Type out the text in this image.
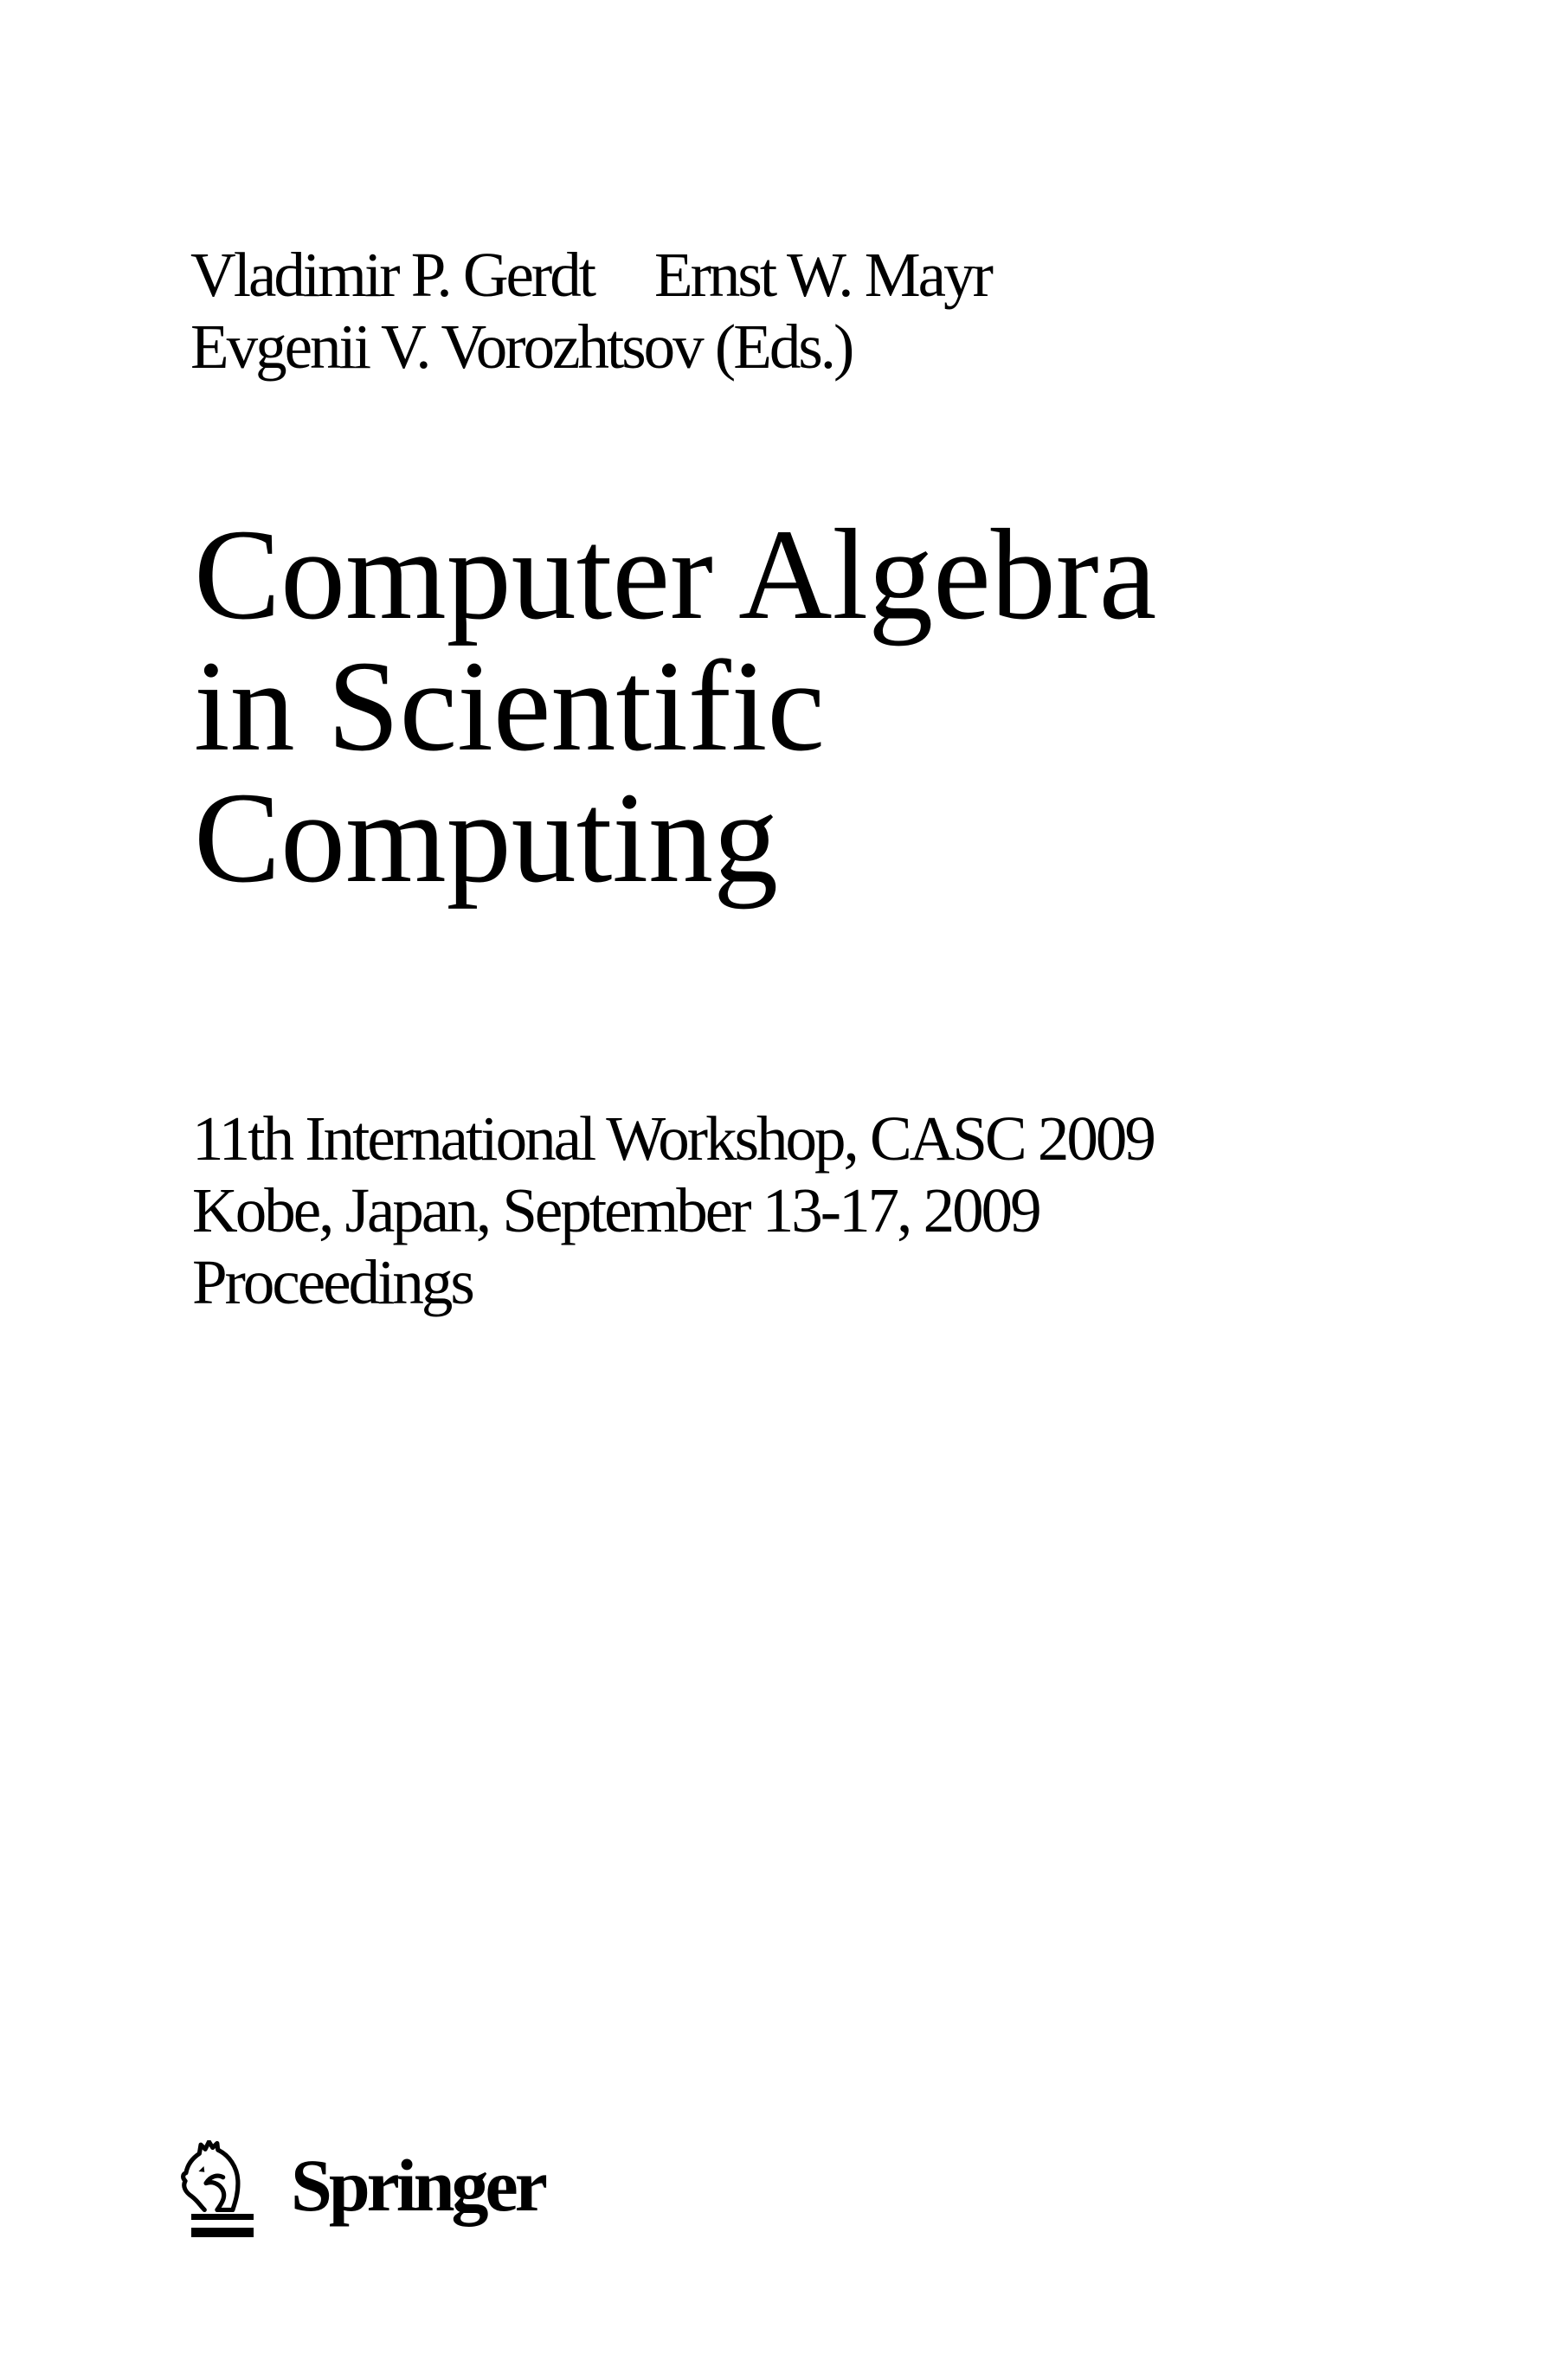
Vladimir P. Gerdt Ernst W. Mayr
Evgenii V. Vorozhtsov (Eds.)
Computer Algebra
in Scientific
Computing
11th International Workshop, CASC 2009
Kobe, Japan, September 13-17, 2009
Proceedings
Springer
